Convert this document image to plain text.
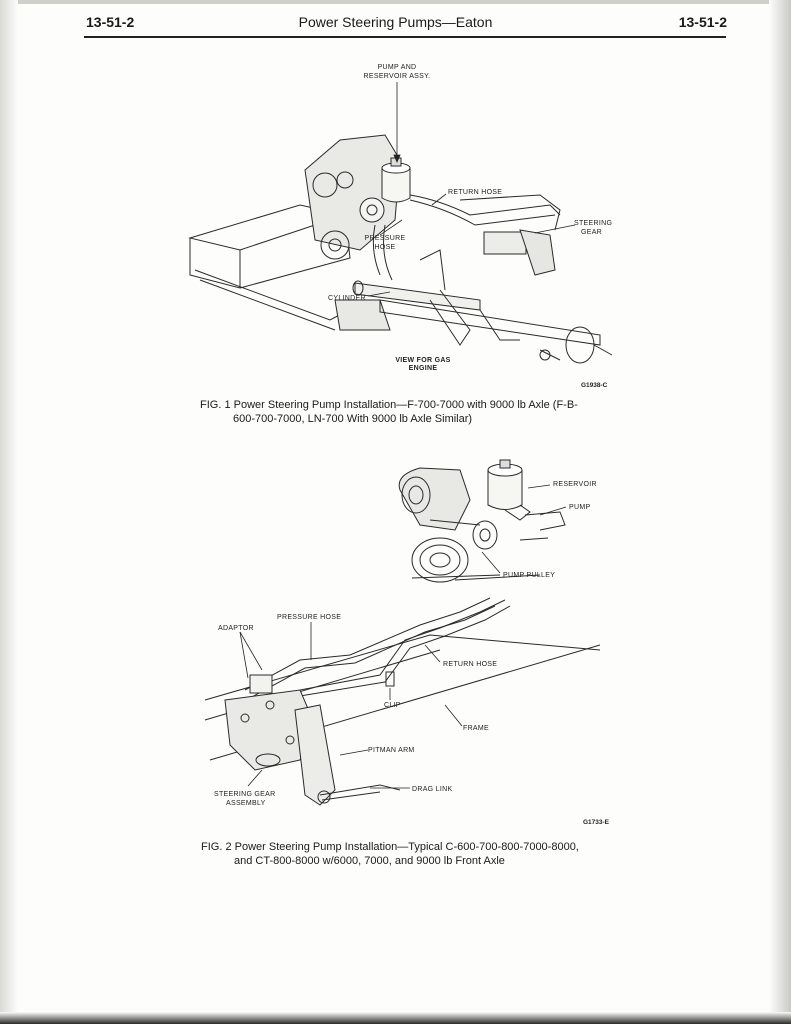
13-51-2	Power Steering Pumps—Eaton	13-51-2
PUMP AND
RESERVOIR ASSY.
RETURN HOSE
STEERING
GEAR
PRESSURE
HOSE
CYLINDER
VIEW FOR GAS
ENGINE
G1938-C
RESERVOIR
PUMP
PUMP PULLEY
PRESSURE HOSE
ADAPTOR
RETURN HOSE
CLIP
FRAME
PITMAN ARM
STEERING GEAR
ASSEMBLY
DRAG LINK
G1733-E
FIG. 1 Power Steering Pump Installation—F-700-7000 with 9000 lb Axle (F-B-
600-700-7000, LN-700 With 9000 lb Axle Similar)
FIG. 2 Power Steering Pump Installation—Typical C-600-700-800-7000-8000,
and CT-800-8000 w/6000, 7000, and 9000 lb Front Axle
